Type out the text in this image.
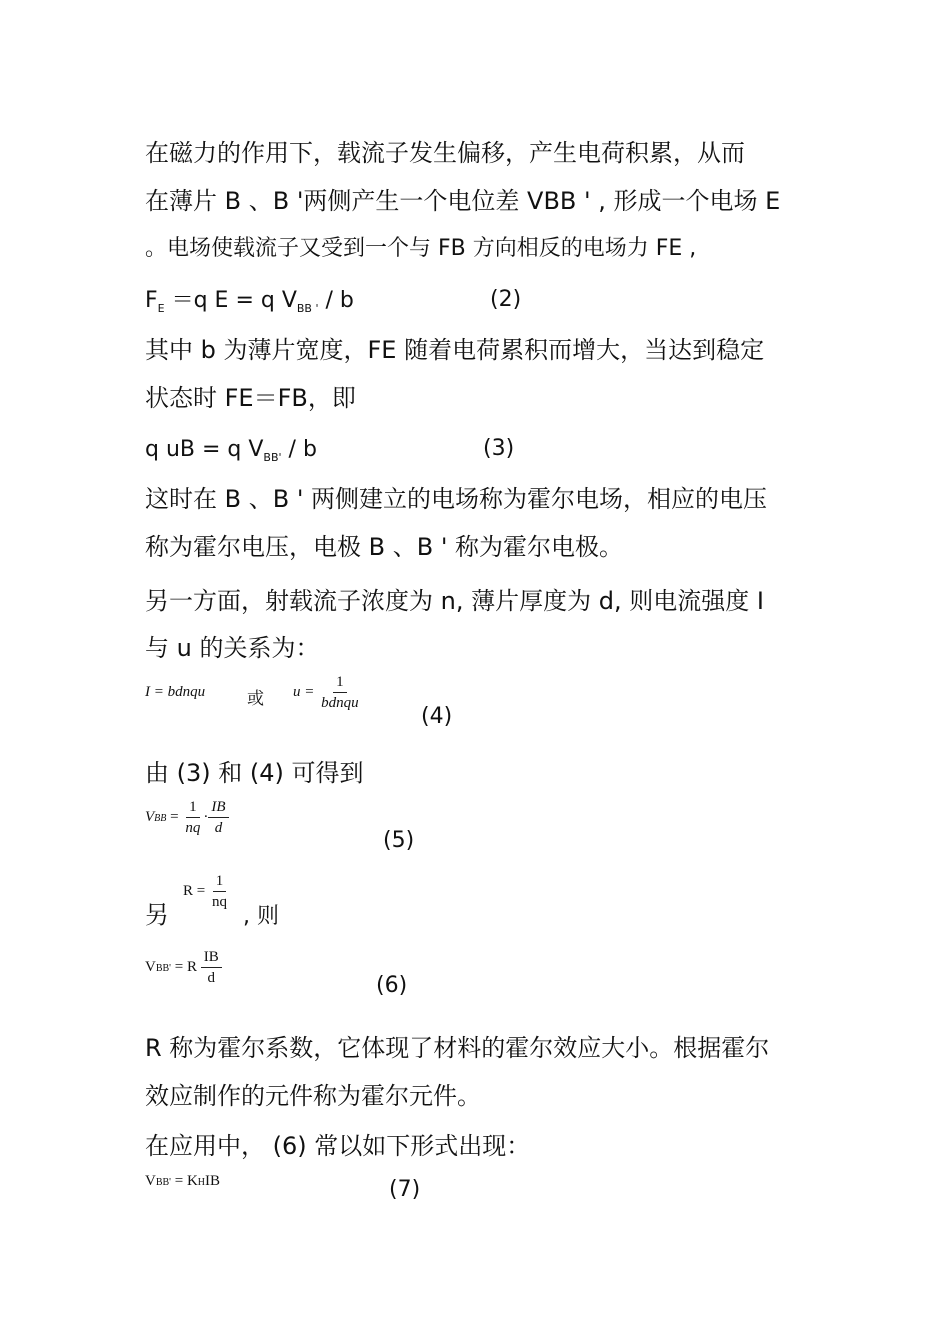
在磁力的作用下，载流子发生偏移，产生电荷积累，从而
在薄片 B 、B '两侧产生一个电位差 VBB ' , 形成一个电场 E
。电场使载流子又受到一个与 FB 方向相反的电场力 FE ,
$F_E =q$ E = q $V_{BB '}$ / b	(2)
其中 b 为薄片宽度，FE 随着电荷累积而增大，当达到稳定
状态时 FE＝FB，即
q uB = q $V_{BB'}$ / b	(3)
这时在 B 、B ' 两侧建立的电场称为霍尔电场，相应的电压
称为霍尔电压，电极 B 、B ' 称为霍尔电极。
另一方面，射载流子浓度为 n, 薄片厚度为 d, 则电流强度 I
与 u 的关系为：
I = bdnqu 或 $u = \frac{1}{\text{bdnqu}}$
(4)
由 (3) 和 (4) 可得到
VBB = $\frac{1}{nq} \cdot \frac{IB}{d}$
(5)
另
$R = \frac{1}{nq}$
, 则
VBB' = R $\frac{IB}{d}$	(6)
R 称为霍尔系数，它体现了材料的霍尔效应大小。根据霍尔
效应制作的元件称为霍尔元件。
在应用中， (6) 常以如下形式出现：
VBB' = KHIB	(7)
